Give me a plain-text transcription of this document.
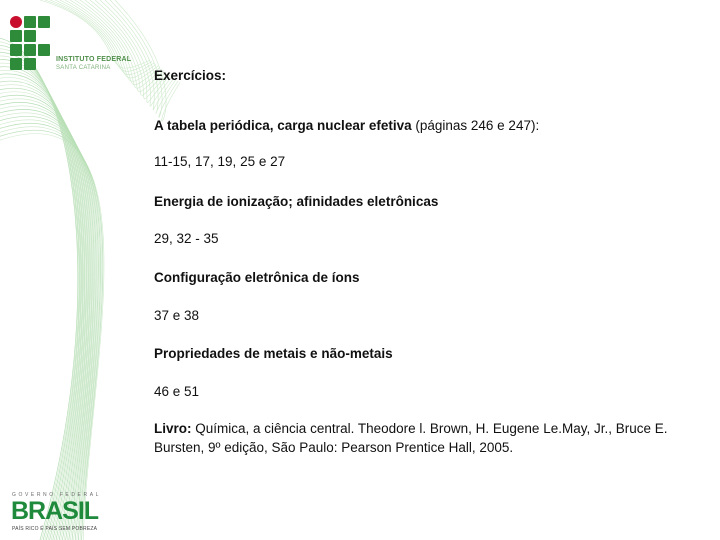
INSTITUTO FEDERAL
SANTA CATARINA	Exercícios:

A tabela periódica, carga nuclear efetiva (páginas 246 e 247):

11-15, 17, 19, 25 e 27

Energia de ionização; afinidades eletrônicas

29, 32 - 35

Configuração eletrônica de íons

37 e 38

Propriedades de metais e não-metais

46 e 51

Livro: Química, a ciência central. Theodore l. Brown, H. Eugene Le.May, Jr., Bruce E. Bursten, 9º edição, São Paulo: Pearson Prentice Hall, 2005.

GOVERNO FEDERAL
BRASIL
PAÍS RICO É PAÍS SEM POBREZA
